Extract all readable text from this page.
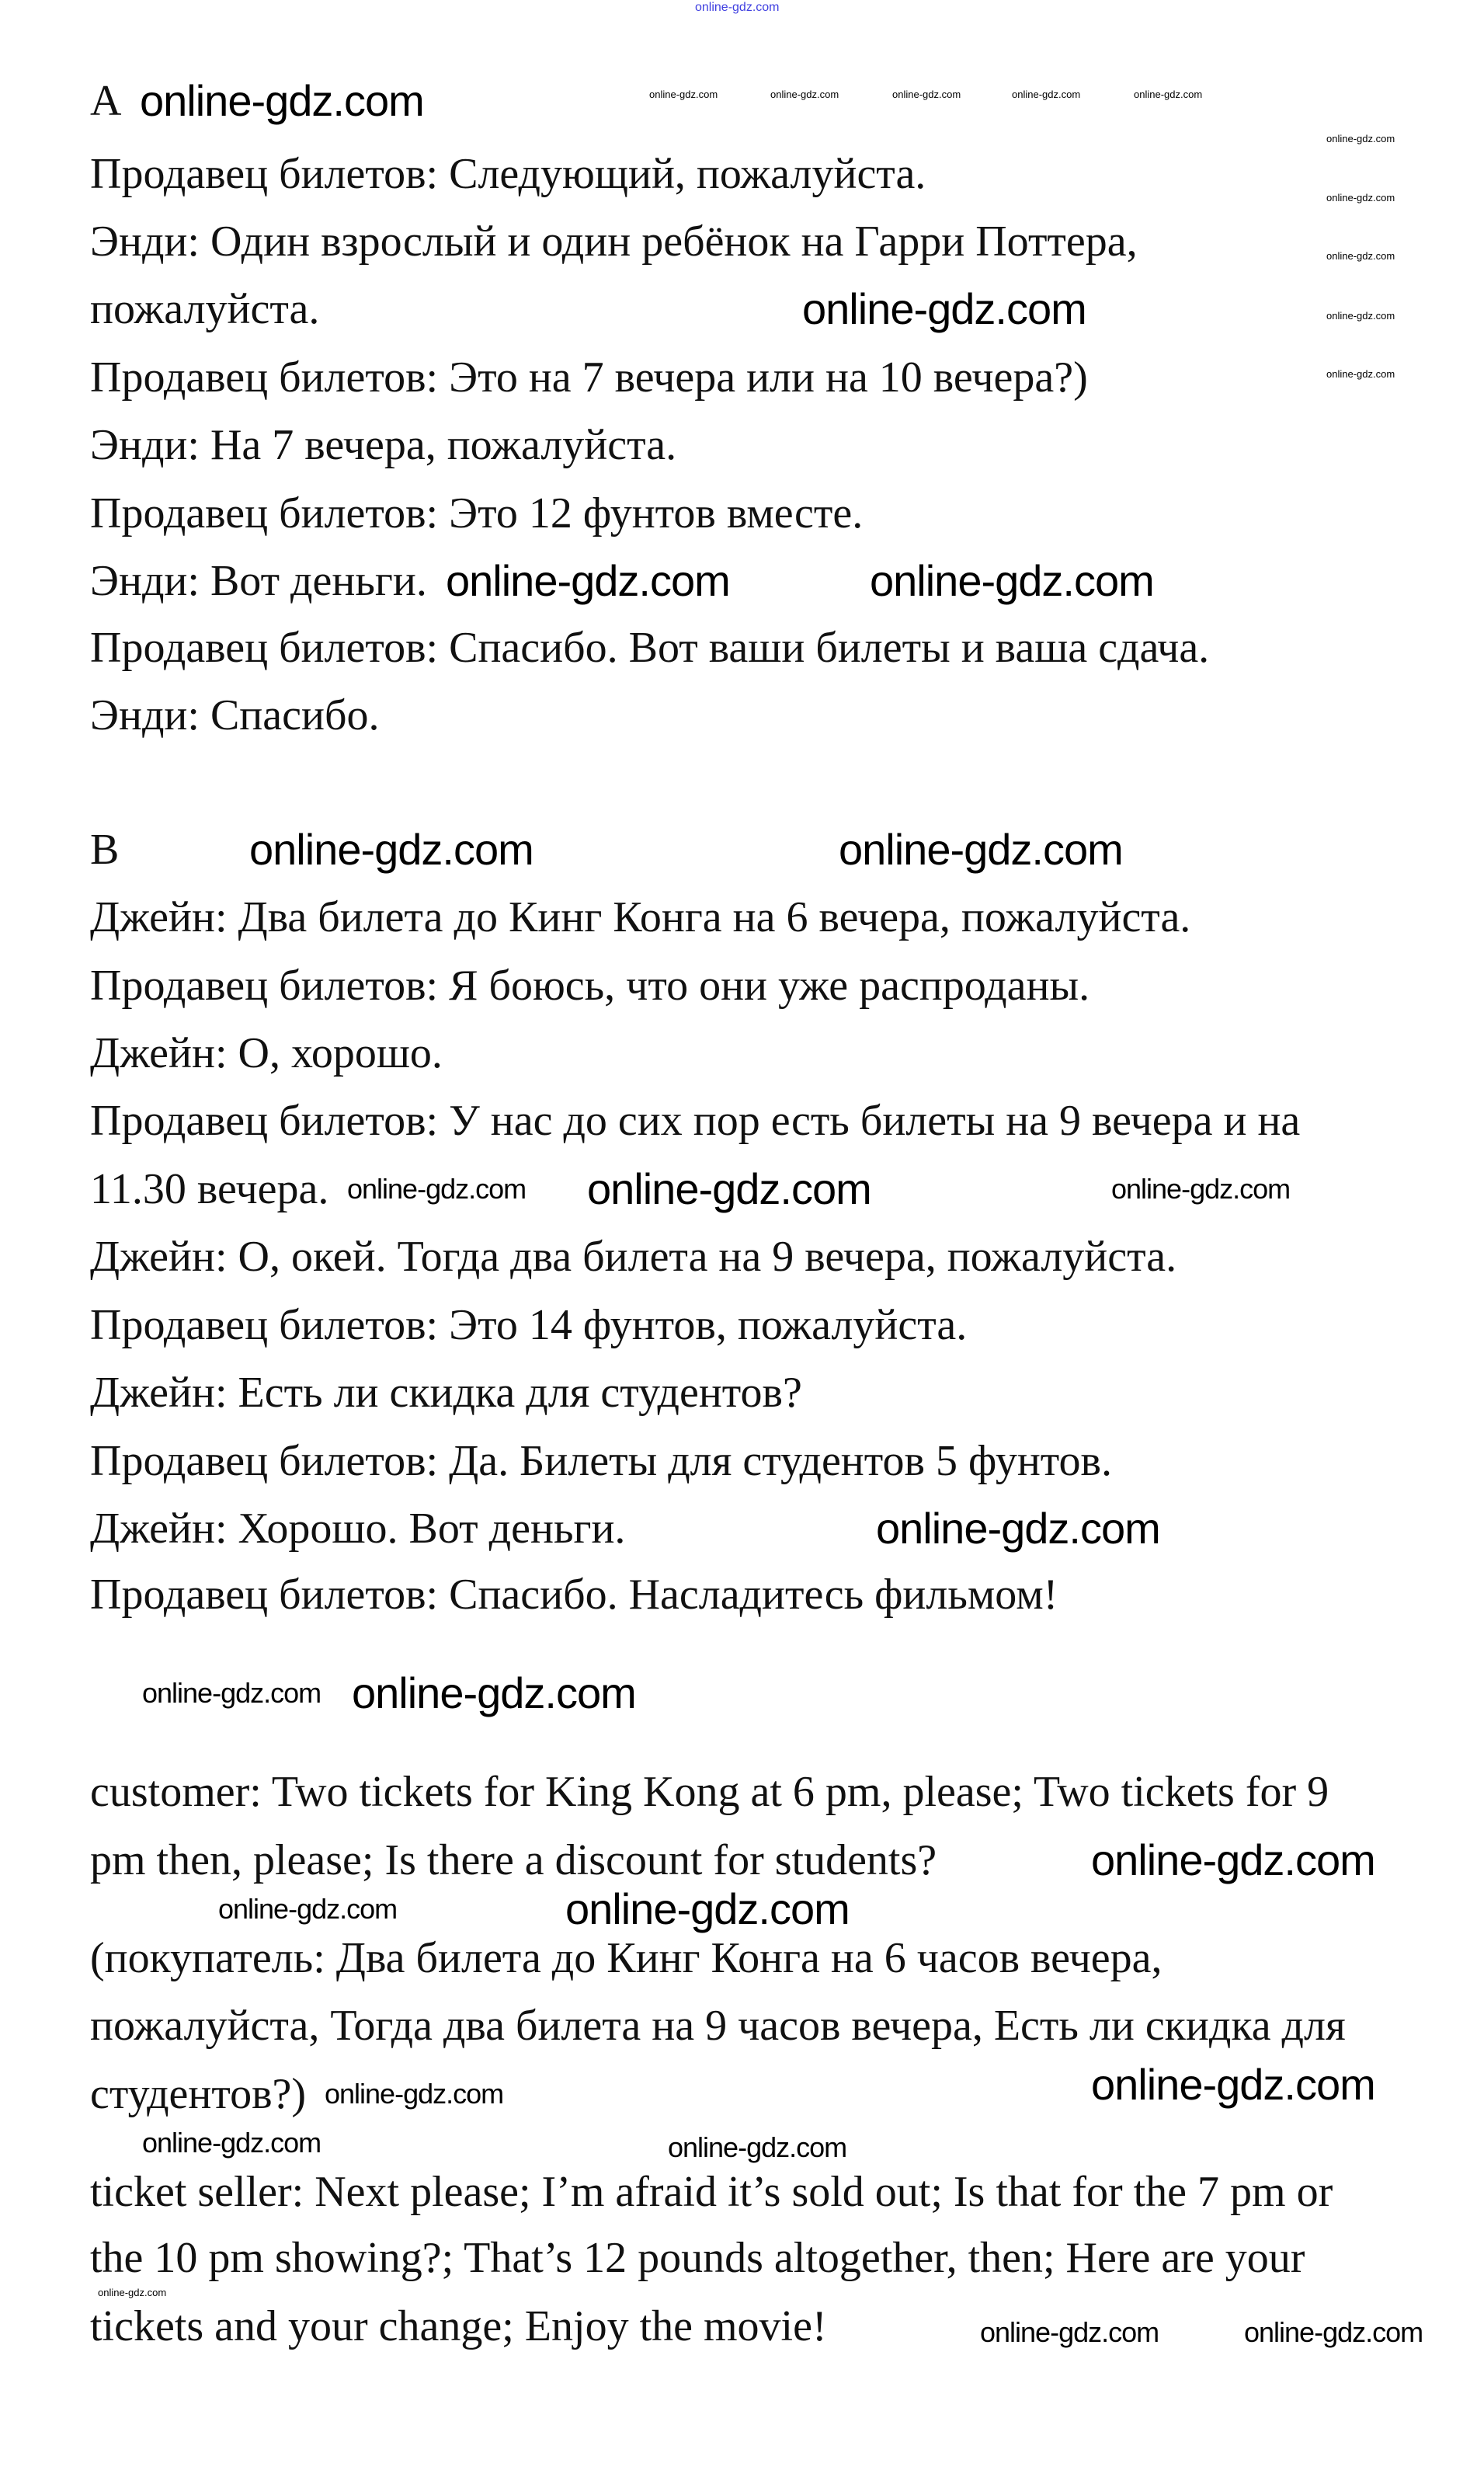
A
Продавец билетов: Следующий, пожалуйста.
Энди: Один взрослый и один ребёнок на Гарри Поттера,
пожалуйста.
Продавец билетов: Это на 7 вечера или на 10 вечера?)
Энди: На 7 вечера, пожалуйста.
Продавец билетов: Это 12 фунтов вместе.
Энди: Вот деньги.
Продавец билетов: Спасибо. Вот ваши билеты и ваша сдача.
Энди: Спасибо.
B
Джейн: Два билета до Кинг Конга на 6 вечера, пожалуйста.
Продавец билетов: Я боюсь, что они уже распроданы.
Джейн: О, хорошо.
Продавец билетов: У нас до сих пор есть билеты на 9 вечера и на
11.30 вечера.
Джейн: О, окей. Тогда два билета на 9 вечера, пожалуйста.
Продавец билетов: Это 14 фунтов, пожалуйста.
Джейн: Есть ли скидка для студентов?
Продавец билетов: Да. Билеты для студентов 5 фунтов.
Джейн: Хорошо. Вот деньги.
Продавец билетов: Спасибо. Насладитесь фильмом!
customer: Two tickets for King Kong at 6 pm, please; Two tickets for 9
pm then, please; Is there a discount for students?
(покупатель: Два билета до Кинг Конга на 6 часов вечера,
пожалуйста, Тогда два билета на 9 часов вечера, Есть ли скидка для
студентов?)
ticket seller: Next please; I’m afraid it’s sold out; Is that for the 7 pm or
the 10 pm showing?; That’s 12 pounds altogether, then; Here are your
tickets and your change; Enjoy the movie!
online-gdz.com
online-gdz.com	online-gdz.com	online-gdz.com	online-gdz.com	online-gdz.com
online-gdz.com
online-gdz.com
online-gdz.com
online-gdz.com
online-gdz.com
online-gdz.com
online-gdz.com
online-gdz.com
online-gdz.com	online-gdz.com
online-gdz.com	online-gdz.com
online-gdz.com
online-gdz.com
online-gdz.com
online-gdz.com
online-gdz.com
online-gdz.com
online-gdz.com
online-gdz.com
online-gdz.com
online-gdz.com
online-gdz.com	online-gdz.com
online-gdz.com	online-gdz.com
online-gdz.com
